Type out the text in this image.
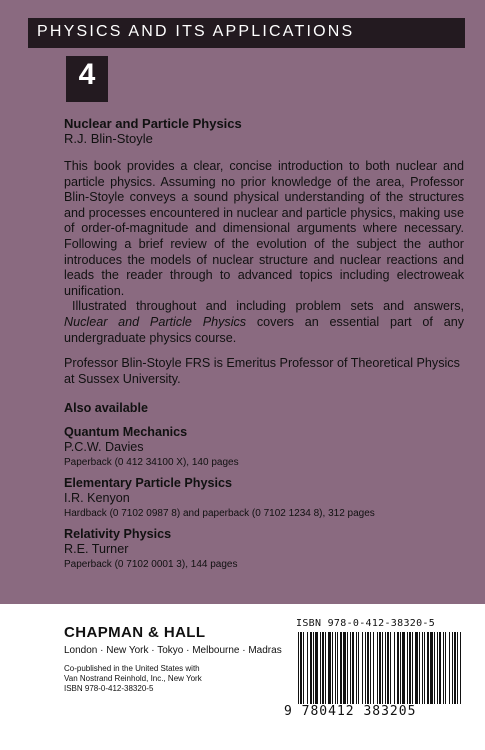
PHYSICS AND ITS APPLICATIONS
4
Nuclear and Particle Physics
R.J. Blin-Stoyle

This book provides a clear, concise introduction to both nuclear and particle physics. Assuming no prior knowledge of the area, Professor Blin-Stoyle conveys a sound physical understanding of the structures and processes encountered in nuclear and particle physics, making use of order-of-magnitude and dimensional arguments where necessary. Following a brief review of the evolution of the subject the author introduces the models of nuclear structure and nuclear reactions and leads the reader through to advanced topics including electroweak unification.

Illustrated throughout and including problem sets and answers, Nuclear and Particle Physics covers an essential part of any undergraduate physics course.

Professor Blin-Stoyle FRS is Emeritus Professor of Theoretical Physics at Sussex University.
Also available
Quantum Mechanics
P.C.W. Davies
Paperback (0 412 34100 X), 140 pages
Elementary Particle Physics
I.R. Kenyon
Hardback (0 7102 0987 8) and paperback (0 7102 1234 8), 312 pages
Relativity Physics
R.E. Turner
Paperback (0 7102 0001 3), 144 pages
CHAPMAN & HALL
London · New York · Tokyo · Melbourne · Madras
Co-published in the United States with
Van Nostrand Reinhold, Inc., New York
ISBN 978-0-412-38320-5
ISBN 978-0-412-38320-5
9 780412 383205
